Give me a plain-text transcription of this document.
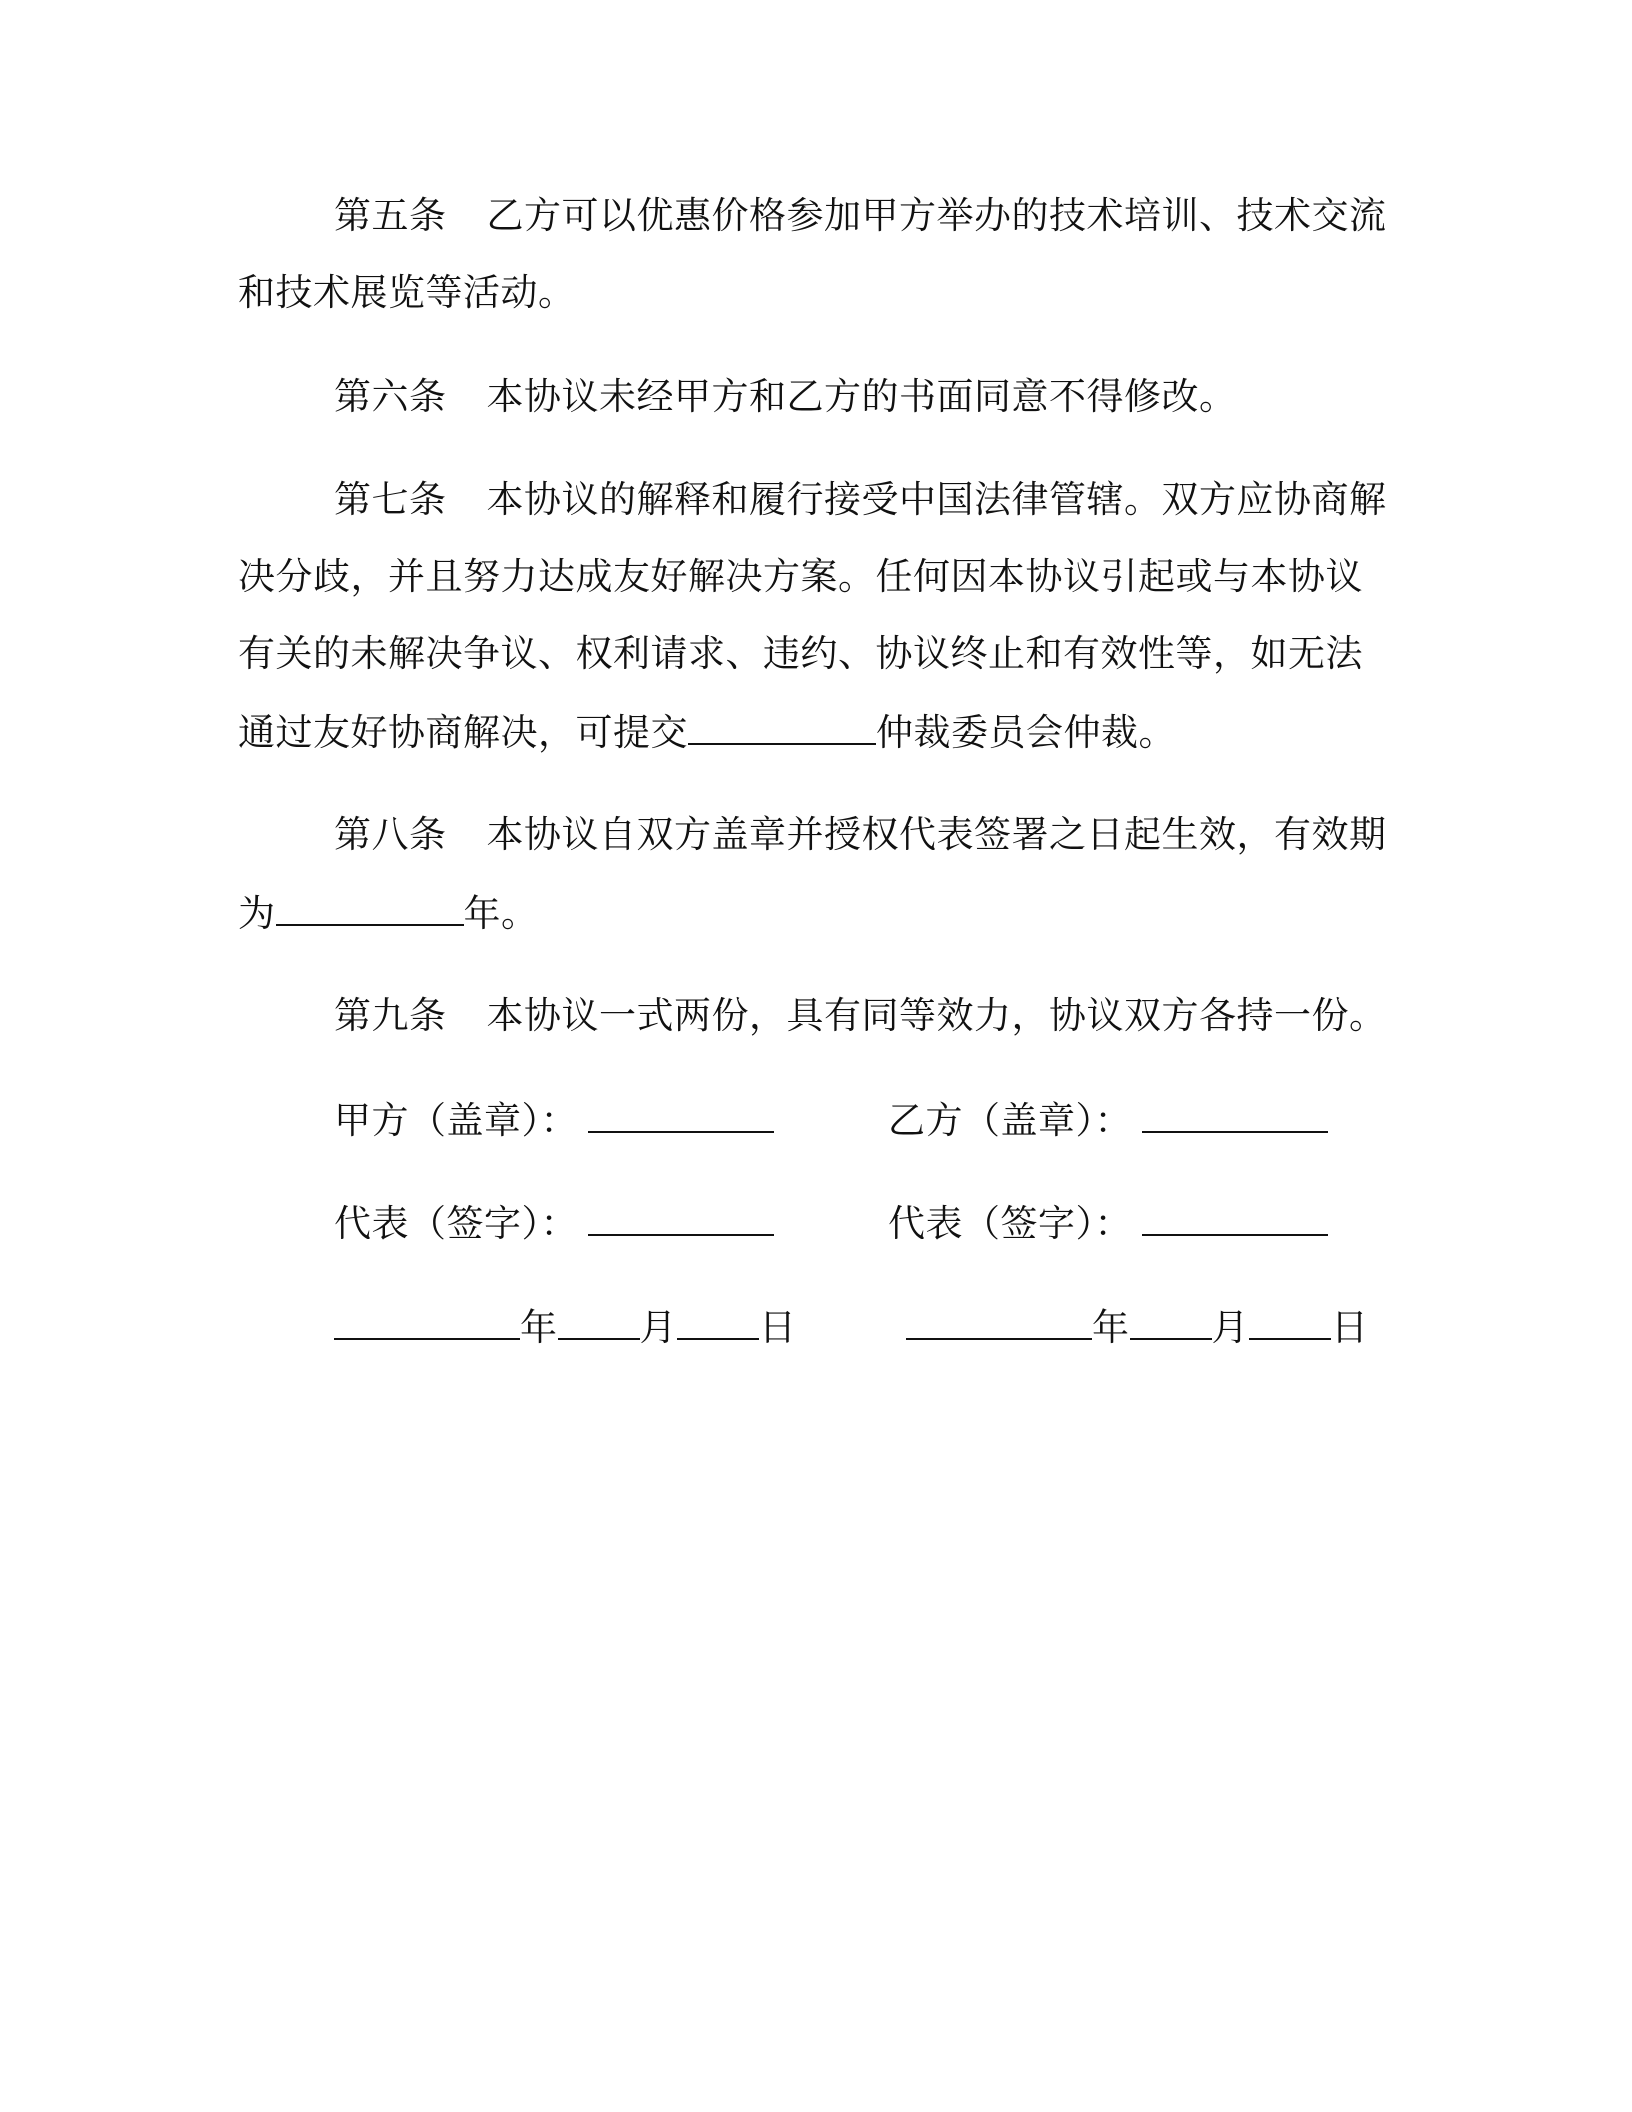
第五条 乙方可以优惠价格参加甲方举办的技术培训、技术交流
和技术展览等活动。
第六条 本协议未经甲方和乙方的书面同意不得修改。
第七条 本协议的解释和履行接受中国法律管辖。双方应协商解
决分歧，并且努力达成友好解决方案。任何因本协议引起或与本协议
有关的未解决争议、权利请求、违约、协议终止和有效性等，如无法
通过友好协商解决，可提交	仲裁委员会仲裁。
第八条 本协议自双方盖章并授权代表签署之日起生效，有效期
为	年。
第九条 本协议一式两份，具有同等效力，协议双方各持一份。
甲方（盖章）：	乙方（盖章）：
代表（签字）：	代表（签字）：
年 月 日	年 月 日
